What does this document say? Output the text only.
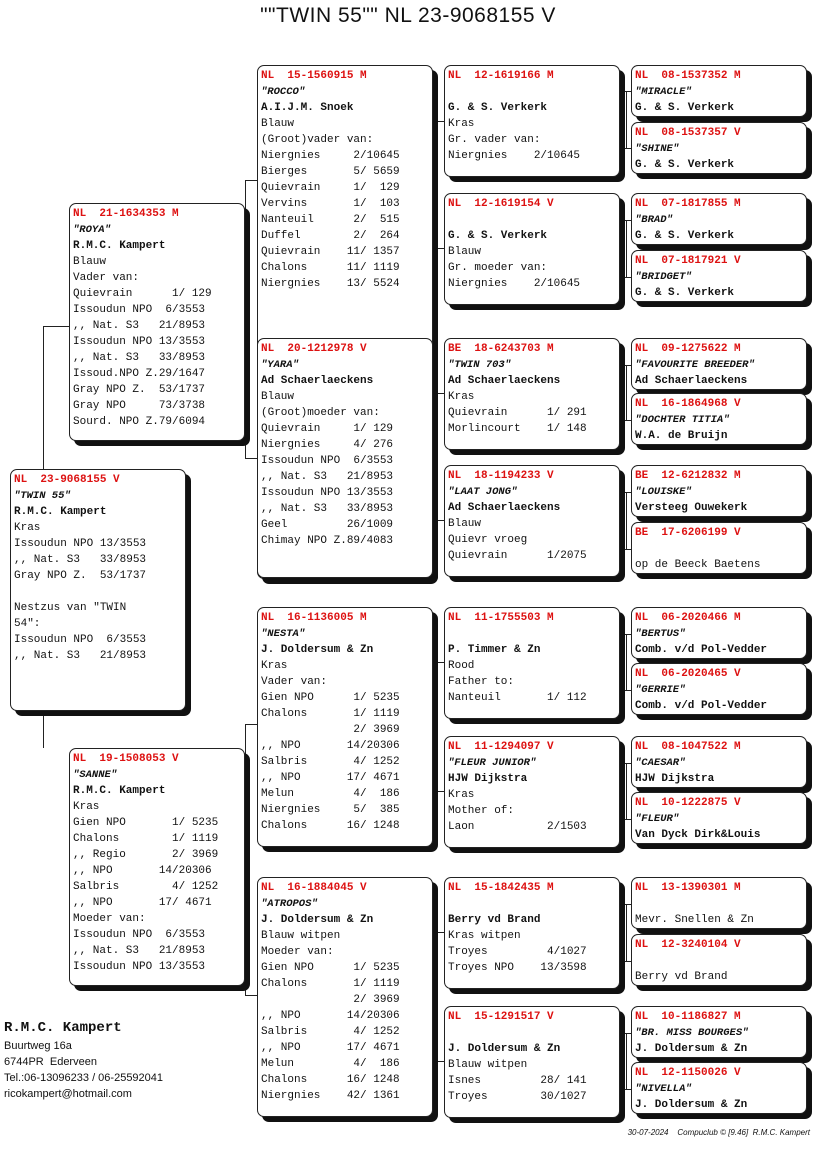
""TWIN 55"" NL 23-9068155 V
NL  23-9068155 V
"TWIN 55"
R.M.C. Kampert
Kras
Issoudun NPO 13/3553
,, Nat. S3   33/8953
Gray NPO Z.  53/1737
Nestzus van "TWIN
54":
Issoudun NPO  6/3553
,, Nat. S3   21/8953
NL  21-1634353 M
"ROYA"
R.M.C. Kampert
Blauw
Vader van:
Quievrain      1/ 129
Issoudun NPO  6/3553
,, Nat. S3   21/8953
Issoudun NPO 13/3553
,, Nat. S3   33/8953
Issoud.NPO Z.29/1647
Gray NPO Z.  53/1737
Gray NPO     73/3738
Sourd. NPO Z.79/6094
NL  19-1508053 V
"SANNE"
R.M.C. Kampert
Kras
Gien NPO       1/ 5235
Chalons        1/ 1119
,, Regio       2/ 3969
,, NPO       14/20306
Salbris        4/ 1252
,, NPO       17/ 4671
Moeder van:
Issoudun NPO  6/3553
,, Nat. S3   21/8953
Issoudun NPO 13/3553
NL  15-1560915 M
"ROCCO"
A.I.J.M. Snoek
Blauw
(Groot)vader van:
Niergnies     2/10645
Bierges       5/ 5659
Quievrain     1/  129
Vervins       1/  103
Nanteuil      2/  515
Duffel        2/  264
Quievrain    11/ 1357
Chalons      11/ 1119
Niergnies    13/ 5524
NL  20-1212978 V
"YARA"
Ad Schaerlaeckens
Blauw
(Groot)moeder van:
Quievrain     1/ 129
Niergnies     4/ 276
Issoudun NPO  6/3553
,, Nat. S3   21/8953
Issoudun NPO 13/3553
,, Nat. S3   33/8953
Geel         26/1009
Chimay NPO Z.89/4083
NL  16-1136005 M
"NESTA"
J. Doldersum & Zn
Kras
Vader van:
Gien NPO      1/ 5235
Chalons       1/ 1119
2/ 3969
,, NPO       14/20306
Salbris       4/ 1252
,, NPO       17/ 4671
Melun         4/  186
Niergnies     5/  385
Chalons      16/ 1248
NL  16-1884045 V
"ATROPOS"
J. Doldersum & Zn
Blauw witpen
Moeder van:
Gien NPO      1/ 5235
Chalons       1/ 1119
2/ 3969
,, NPO       14/20306
Salbris       4/ 1252
,, NPO       17/ 4671
Melun         4/  186
Chalons      16/ 1248
Niergnies    42/ 1361
NL  12-1619166 M
G. & S. Verkerk
Kras
Gr. vader van:
Niergnies    2/10645
NL  12-1619154 V
G. & S. Verkerk
Blauw
Gr. moeder van:
Niergnies    2/10645
BE  18-6243703 M
"TWIN 703"
Ad Schaerlaeckens
Kras
Quievrain      1/ 291
Morlincourt    1/ 148
NL  18-1194233 V
"LAAT JONG"
Ad Schaerlaeckens
Blauw
Quievr vroeg
Quievrain      1/2075
NL  11-1755503 M
P. Timmer & Zn
Rood
Father to:
Nanteuil       1/ 112
NL  11-1294097 V
"FLEUR JUNIOR"
HJW Dijkstra
Kras
Mother of:
Laon           2/1503
NL  15-1842435 M
Berry vd Brand
Kras witpen
Troyes         4/1027
Troyes NPO    13/3598
NL  15-1291517 V
J. Doldersum & Zn
Blauw witpen
Isnes         28/ 141
Troyes        30/1027
NL  08-1537352 M
"MIRACLE"
G. & S. Verkerk
NL  08-1537357 V
"SHINE"
G. & S. Verkerk
NL  07-1817855 M
"BRAD"
G. & S. Verkerk
NL  07-1817921 V
"BRIDGET"
G. & S. Verkerk
NL  09-1275622 M
"FAVOURITE BREEDER"
Ad Schaerlaeckens
NL  16-1864968 V
"DOCHTER TITIA"
W.A. de Bruijn
BE  12-6212832 M
"LOUISKE"
Versteeg Ouwekerk
BE  17-6206199 V
op de Beeck Baetens
NL  06-2020466 M
"BERTUS"
Comb. v/d Pol-Vedder
NL  06-2020465 V
"GERRIE"
Comb. v/d Pol-Vedder
NL  08-1047522 M
"CAESAR"
HJW Dijkstra
NL  10-1222875 V
"FLEUR"
Van Dyck Dirk&Louis
NL  13-1390301 M
Mevr. Snellen & Zn
NL  12-3240104 V
Berry vd Brand
NL  10-1186827 M
"BR. MISS BOURGES"
J. Doldersum & Zn
NL  12-1150026 V
"NIVELLA"
J. Doldersum & Zn
R.M.C. Kampert
Buurtweg 16a
6744PR  Ederveen
Tel.:06-13096233 / 06-25592041
ricokampert@hotmail.com
30-07-2024    Compuclub © [9.46]  R.M.C. Kampert
